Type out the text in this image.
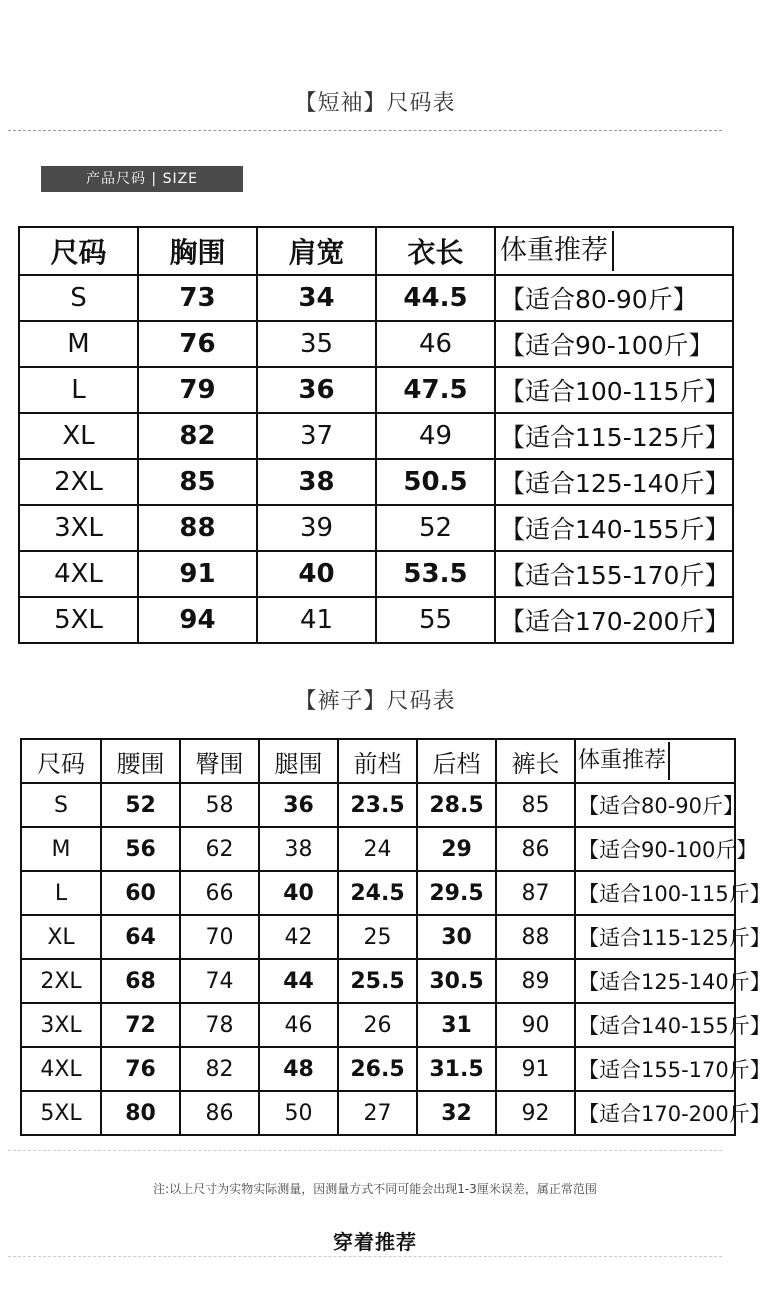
【短袖】尺码表
产品尺码 | SIZE
尺码	胸围	肩宽	衣长	体重推荐
S	73	34	44.5	【适合80-90斤】
M	76	35	46	【适合90-100斤】
L	79	36	47.5	【适合100-115斤】
XL	82	37	49	【适合115-125斤】
2XL	85	38	50.5	【适合125-140斤】
3XL	88	39	52	【适合140-155斤】
4XL	91	40	53.5	【适合155-170斤】
5XL	94	41	55	【适合170-200斤】
【裤子】尺码表
尺码	腰围	臀围	腿围	前档	后档	裤长	体重推荐
S	52	58	36	23.5	28.5	85	【适合80-90斤】
M	56	62	38	24	29	86	【适合90-100斤】
L	60	66	40	24.5	29.5	87	【适合100-115斤】
XL	64	70	42	25	30	88	【适合115-125斤】
2XL	68	74	44	25.5	30.5	89	【适合125-140斤】
3XL	72	78	46	26	31	90	【适合140-155斤】
4XL	76	82	48	26.5	31.5	91	【适合155-170斤】
5XL	80	86	50	27	32	92	【适合170-200斤】
注:以上尺寸为实物实际测量，因测量方式不同可能会出现1-3厘米误差，属正常范围
穿着推荐
